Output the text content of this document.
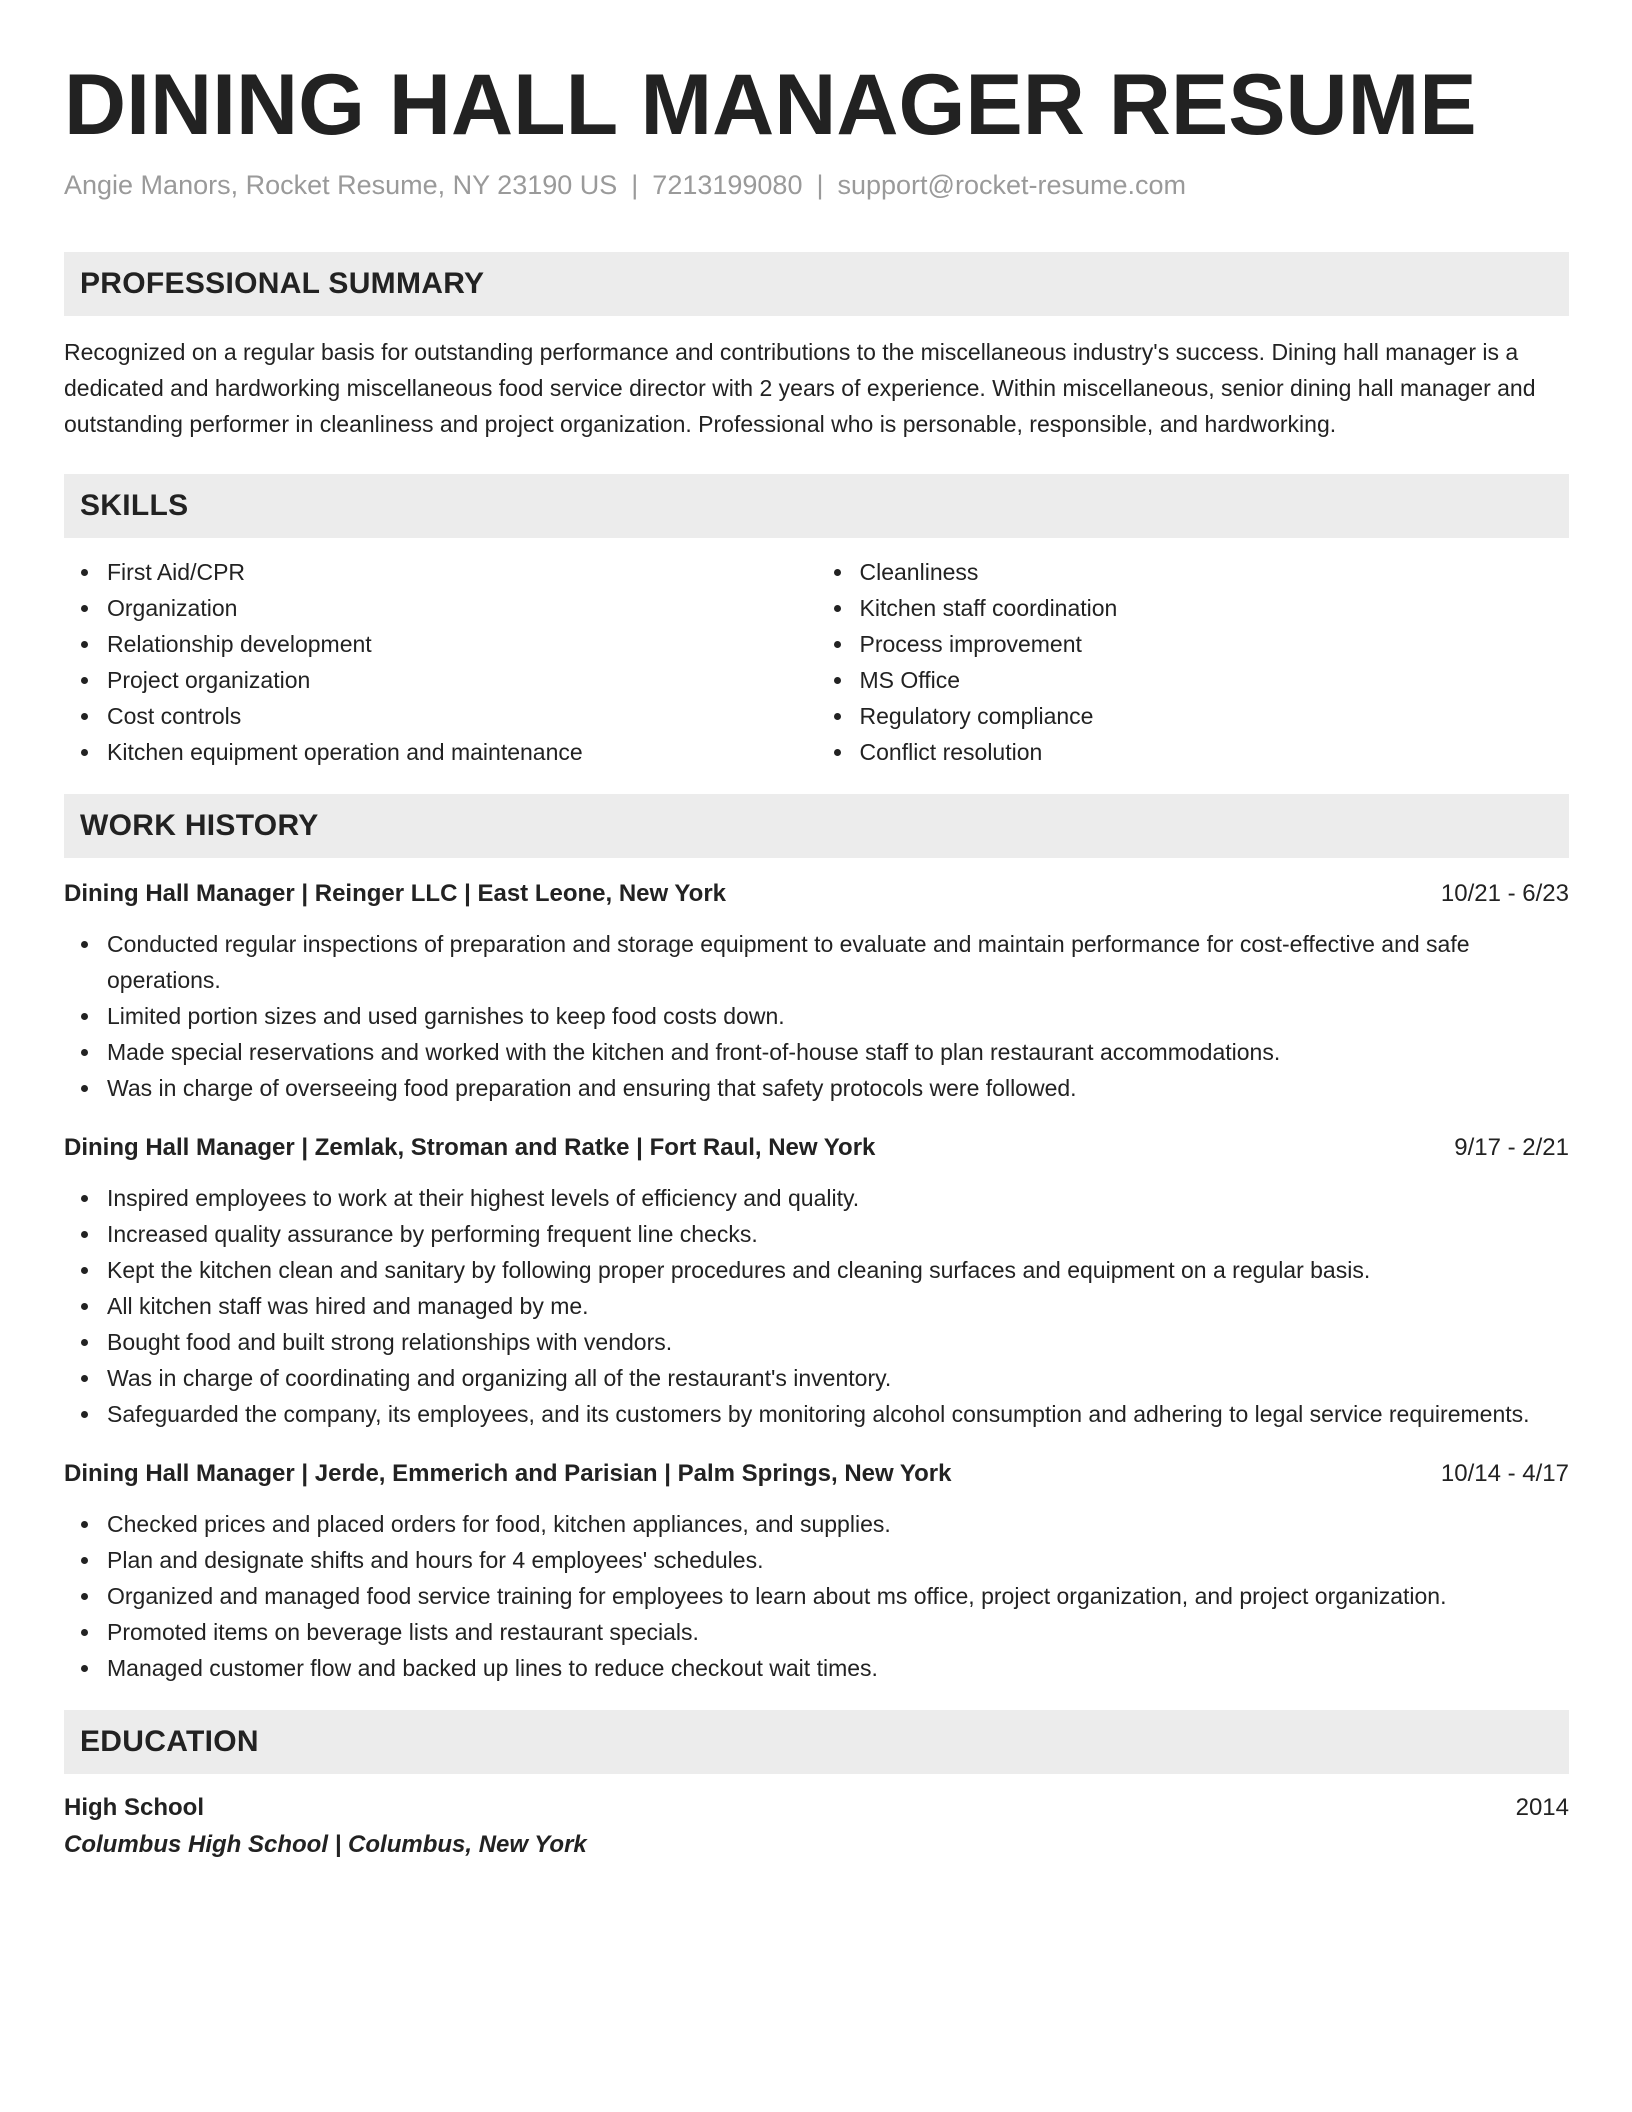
DINING HALL MANAGER RESUME
Angie Manors, Rocket Resume, NY 23190 US | 7213199080 | support@rocket-resume.com
PROFESSIONAL SUMMARY

Recognized on a regular basis for outstanding performance and contributions to the miscellaneous industry's success. Dining hall manager is a dedicated and hardworking miscellaneous food service director with 2 years of experience. Within miscellaneous, senior dining hall manager and outstanding performer in cleanliness and project organization. Professional who is personable, responsible, and hardworking.

SKILLS
First Aid/CPR
Organization
Relationship development
Project organization
Cost controls
Kitchen equipment operation and maintenance
Cleanliness
Kitchen staff coordination
Process improvement
MS Office
Regulatory compliance
Conflict resolution
WORK HISTORY
Dining Hall Manager | Reinger LLC | East Leone, New York	10/21 - 6/23
Conducted regular inspections of preparation and storage equipment to evaluate and maintain performance for cost-effective and safe operations.
Limited portion sizes and used garnishes to keep food costs down.
Made special reservations and worked with the kitchen and front-of-house staff to plan restaurant accommodations.
Was in charge of overseeing food preparation and ensuring that safety protocols were followed.
Dining Hall Manager | Zemlak, Stroman and Ratke | Fort Raul, New York	9/17 - 2/21
Inspired employees to work at their highest levels of efficiency and quality.
Increased quality assurance by performing frequent line checks.
Kept the kitchen clean and sanitary by following proper procedures and cleaning surfaces and equipment on a regular basis.
All kitchen staff was hired and managed by me.
Bought food and built strong relationships with vendors.
Was in charge of coordinating and organizing all of the restaurant's inventory.
Safeguarded the company, its employees, and its customers by monitoring alcohol consumption and adhering to legal service requirements.
Dining Hall Manager | Jerde, Emmerich and Parisian | Palm Springs, New York	10/14 - 4/17
Checked prices and placed orders for food, kitchen appliances, and supplies.
Plan and designate shifts and hours for 4 employees' schedules.
Organized and managed food service training for employees to learn about ms office, project organization, and project organization.
Promoted items on beverage lists and restaurant specials.
Managed customer flow and backed up lines to reduce checkout wait times.
EDUCATION
High School	2014
Columbus High School | Columbus, New York
